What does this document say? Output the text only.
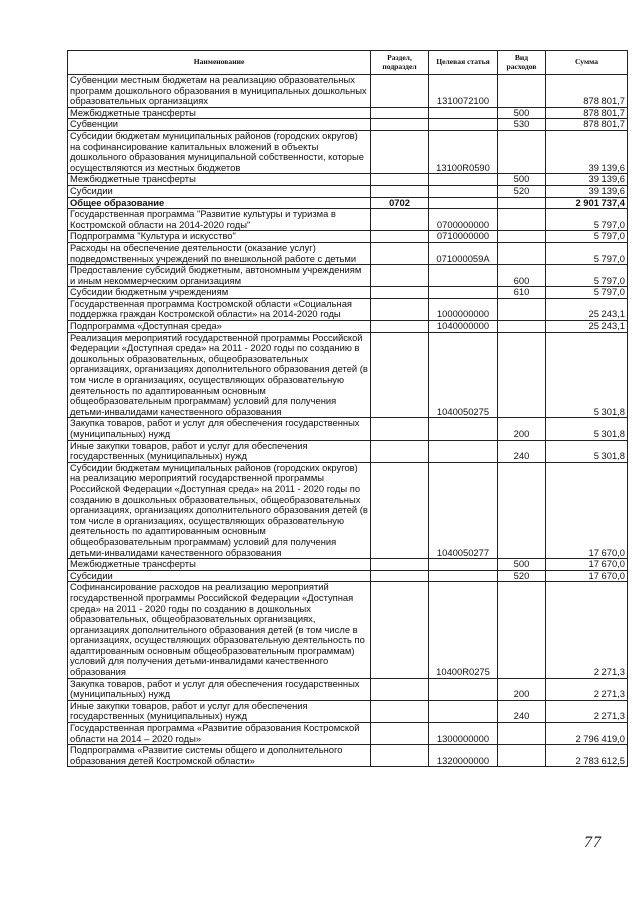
Наименование	Раздел, подраздел	Целевая статья	Вид расходов	Сумма
Субвенции местным бюджетам на реализацию образовательных программ дошкольного образования в муниципальных дошкольных образовательных организациях		1310072100		878 801,7
Межбюджетные трансферты			500	878 801,7
Субвенции			530	878 801,7
Субсидии бюджетам муниципальных районов (городских округов) на софинансирование капитальных вложений в объекты дошкольного образования муниципальной собственности, которые осуществляются из местных бюджетов		13100R0590		39 139,6
Межбюджетные трансферты			500	39 139,6
Субсидии			520	39 139,6
Общее образование	0702			2 901 737,4
Государственная программа "Развитие культуры и туризма в Костромской области на 2014-2020 годы"		0700000000		5 797,0
Подпрограмма "Культура и искусство"		0710000000		5 797,0
Расходы на обеспечение деятельности (оказание услуг) подведомственных учреждений по внешкольной работе с детьми		071000059А		5 797,0
Предоставление субсидий бюджетным, автономным учреждениям и иным некоммерческим организациям			600	5 797,0
Субсидии бюджетным учреждениям			610	5 797,0
Государственная программа Костромской области «Социальная поддержка граждан Костромской области» на 2014-2020 годы		1000000000		25 243,1
Подпрограмма «Доступная среда»		1040000000		25 243,1
Реализация мероприятий государственной программы Российской Федерации «Доступная среда» на 2011 - 2020 годы по созданию в дошкольных образовательных, общеобразовательных организациях, организациях дополнительного образования детей (в том числе в организациях, осуществляющих образовательную деятельность по адаптированным основным общеобразовательным программам) условий для получения детьми-инвалидами качественного образования		1040050275		5 301,8
Закупка товаров, работ и услуг для обеспечения государственных (муниципальных) нужд			200	5 301,8
Иные закупки товаров, работ и услуг для обеспечения государственных (муниципальных) нужд			240	5 301,8
Субсидии бюджетам муниципальных районов (городских округов) на реализацию мероприятий государственной программы Российской Федерации «Доступная среда» на 2011 - 2020 годы по созданию в дошкольных образовательных, общеобразовательных организациях, организациях дополнительного образования детей (в том числе в организациях, осуществляющих образовательную деятельность по адаптированным основным общеобразовательным программам) условий для получения детьми-инвалидами качественного образования		1040050277		17 670,0
Межбюджетные трансферты			500	17 670,0
Субсидии			520	17 670,0
Софинансирование расходов на реализацию мероприятий государственной программы Российской Федерации «Доступная среда» на 2011 - 2020 годы по созданию в дошкольных образовательных, общеобразовательных организациях, организациях дополнительного образования детей (в том числе в организациях, осуществляющих образовательную деятельность по адаптированным основным общеобразовательным программам) условий для получения детьми-инвалидами качественного образования		10400R0275		2 271,3
Закупка товаров, работ и услуг для обеспечения государственных (муниципальных) нужд			200	2 271,3
Иные закупки товаров, работ и услуг для обеспечения государственных (муниципальных) нужд			240	2 271,3
Государственная программа «Развитие образования Костромской области на 2014 – 2020 годы»		1300000000		2 796 419,0
Подпрограмма «Развитие системы общего и дополнительного образования детей Костромской области»		1320000000		2 783 612,5
77
